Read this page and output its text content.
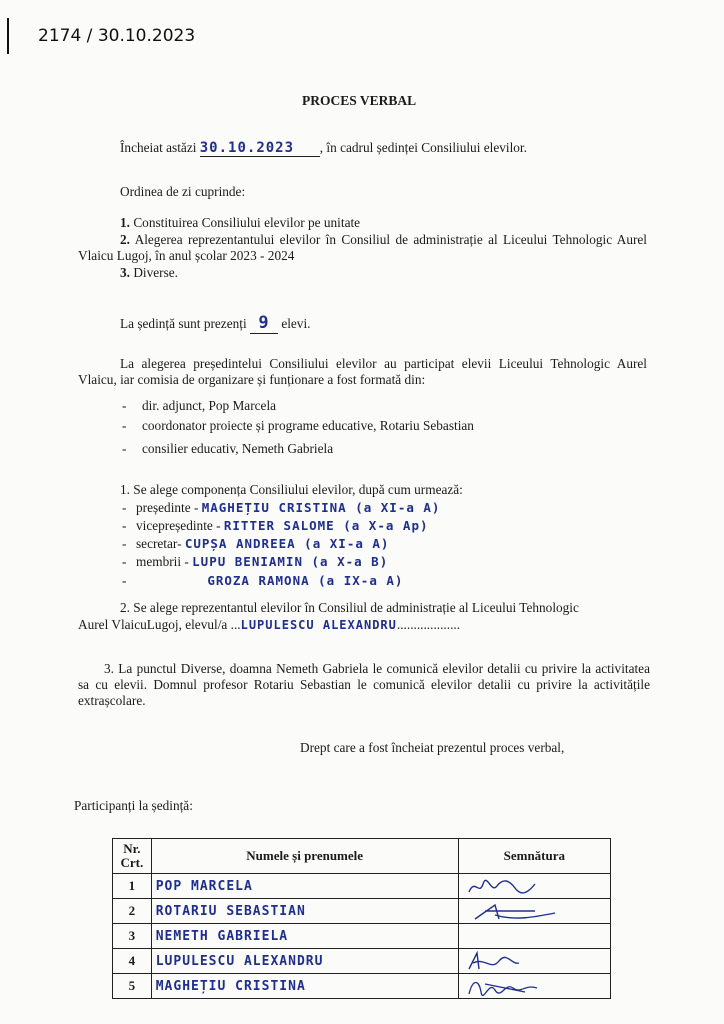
2174 / 30.10.2023
PROCES VERBAL
Încheiat astăzi 30.10.2023 , în cadrul ședinței Consiliului elevilor.
Ordinea de zi cuprinde:
1. Constituirea Consiliului elevilor pe unitate
2. Alegerea reprezentantului elevilor în Consiliul de administrație al Liceului Tehnologic Aurel Vlaicu Lugoj, în anul școlar 2023 - 2024
3. Diverse.
La ședință sunt prezenți 9 elevi.
La alegerea președintelui Consiliului elevilor au participat elevii Liceului Tehnologic Aurel Vlaicu, iar comisia de organizare și funționare a fost formată din:
- dir. adjunct, Pop Marcela
- coordonator proiecte și programe educative, Rotariu Sebastian
- consilier educativ, Nemeth Gabriela
1. Se alege componența Consiliului elevilor, după cum urmează:
- președinte - MAGHEȚIU CRISTINA (a XI-a A)
- vicepreședinte - RITTER SALOME (a X-a Ap)
- secretar- CUPȘA ANDREEA (a XI-a A)
- membrii - LUPU BENIAMIN (a X-a B)
-	GROZA RAMONA (a IX-a A)
2. Se alege reprezentantul elevilor în Consiliul de administrație al Liceului Tehnologic
Aurel VlaicuLugoj, elevul/a ...LUPULESCU ALEXANDRU...................
3. La punctul Diverse, doamna Nemeth Gabriela le comunică elevilor detalii cu privire la activitatea sa cu elevii. Domnul profesor Rotariu Sebastian le comunică elevilor detalii cu privire la activitățile extrașcolare.
Drept care a fost încheiat prezentul proces verbal,
Participanți la ședință:
Nr. Crt.	Numele și prenumele	Semnătura
1	POP MARCELA	

2	ROTARIU SEBASTIAN	

3	NEMETH GABRIELA	
4	LUPULESCU ALEXANDRU	

5	MAGHEȚIU CRISTINA	
